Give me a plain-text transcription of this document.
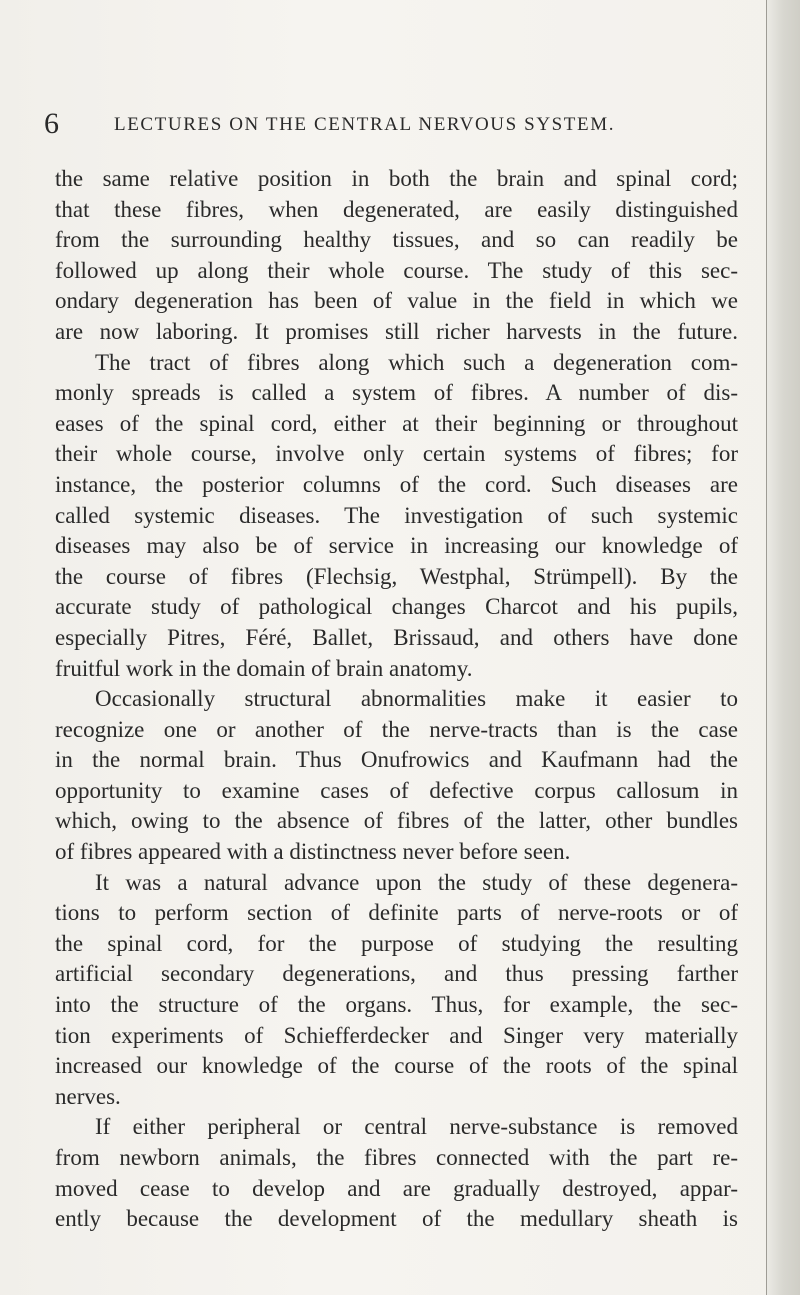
6	LECTURES ON THE CENTRAL NERVOUS SYSTEM.
the same relative position in both the brain and spinal cord;
that these fibres, when degenerated, are easily distinguished
from the surrounding healthy tissues, and so can readily be
followed up along their whole course. The study of this sec-
ondary degeneration has been of value in the field in which we
are now laboring. It promises still richer harvests in the future.
The tract of fibres along which such a degeneration com-
monly spreads is called a system of fibres. A number of dis-
eases of the spinal cord, either at their beginning or throughout
their whole course, involve only certain systems of fibres; for
instance, the posterior columns of the cord. Such diseases are
called systemic diseases. The investigation of such systemic
diseases may also be of service in increasing our knowledge of
the course of fibres (Flechsig, Westphal, Strümpell). By the
accurate study of pathological changes Charcot and his pupils,
especially Pitres, Féré, Ballet, Brissaud, and others have done
fruitful work in the domain of brain anatomy.
Occasionally structural abnormalities make it easier to
recognize one or another of the nerve-tracts than is the case
in the normal brain. Thus Onufrowics and Kaufmann had the
opportunity to examine cases of defective corpus callosum in
which, owing to the absence of fibres of the latter, other bundles
of fibres appeared with a distinctness never before seen.
It was a natural advance upon the study of these degenera-
tions to perform section of definite parts of nerve-roots or of
the spinal cord, for the purpose of studying the resulting
artificial secondary degenerations, and thus pressing farther
into the structure of the organs. Thus, for example, the sec-
tion experiments of Schiefferdecker and Singer very materially
increased our knowledge of the course of the roots of the spinal
nerves.
If either peripheral or central nerve-substance is removed
from newborn animals, the fibres connected with the part re-
moved cease to develop and are gradually destroyed, appar-
ently because the development of the medullary sheath is
